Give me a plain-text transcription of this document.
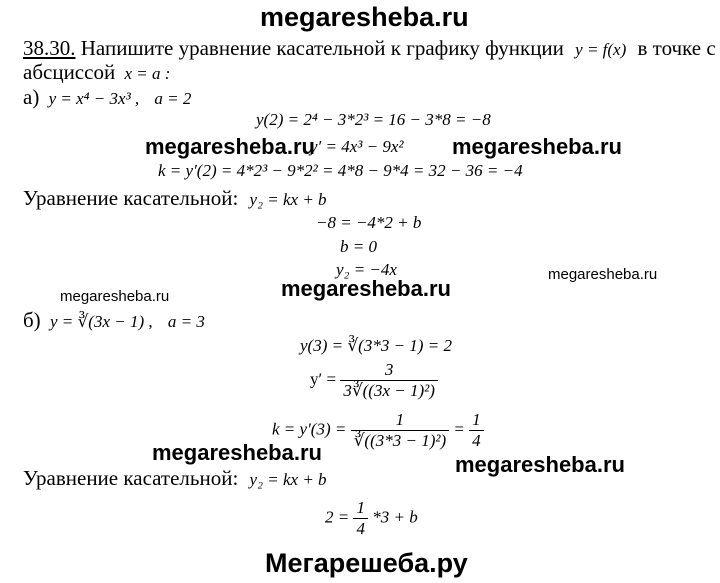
megaresheba.ru
38.30. Напишите уравнение касательной к графику функции y = f(x) в точке с
абсциссой x = a :
а) y = x⁴ − 3x³ , a = 2
y(2) = 2⁴ − 3*2³ = 16 − 3*8 = −8
megaresheba.ru
y′ = 4x³ − 9x² megaresheba.ru
k = y′(2) = 4*2³ − 9*2² = 4*8 − 9*4 = 32 − 36 = −4
Уравнение касательной: y₂ = kx + b
−8 = −4*2 + b
b = 0
y₂ = −4x	megaresheba.ru
megaresheba.ru
megaresheba.ru
б) y = ∛(3x − 1) , a = 3
y(3) = ∛(3*3 − 1) = 2
$y' = \frac{3}{\text{3∛((3x − 1)²)}}$
$k = y'(3) = \frac{1}{\text{∛((3*3 − 1)²)}} = \frac{1}{4}$
megaresheba.ru	megaresheba.ru
Уравнение касательной: y₂ = kx + b
$2 = \frac{1}{4} *3 + b$
Мегарешеба.ру
